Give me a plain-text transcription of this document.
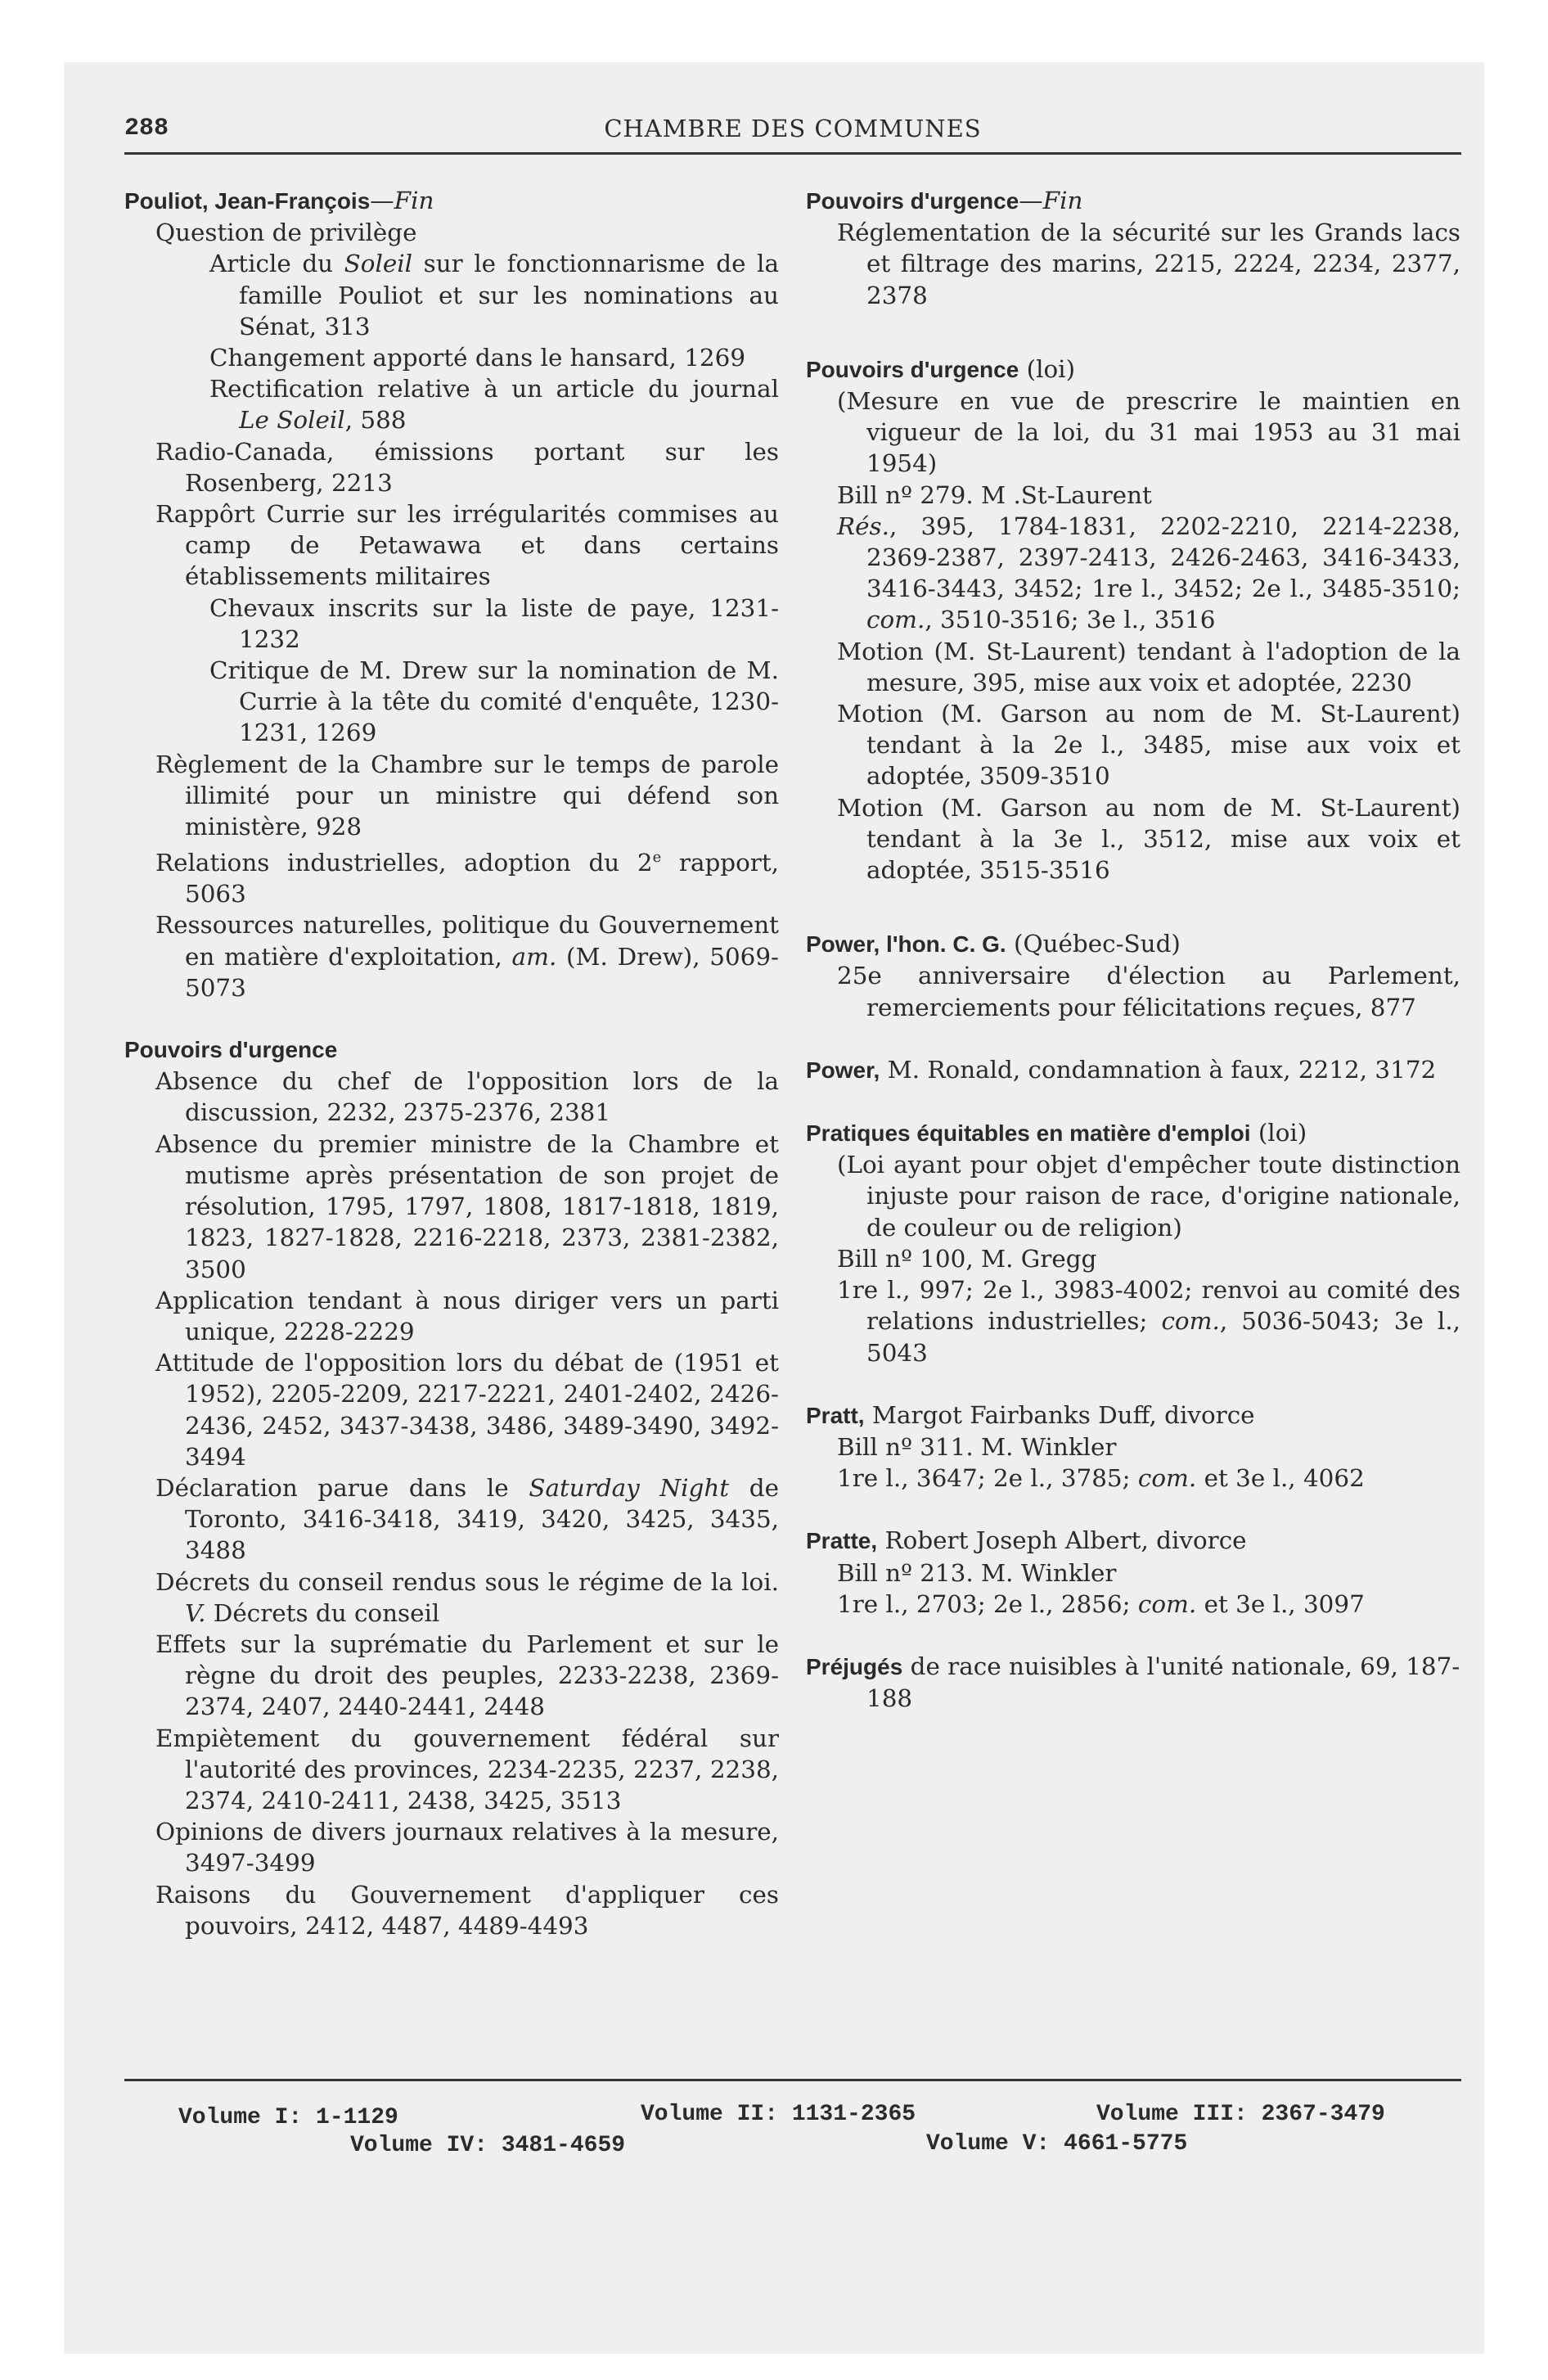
288	CHAMBRE DES COMMUNES
Pouliot, Jean-François—Fin
Question de privilège
Article du Soleil sur le fonctionnarisme de la famille Pouliot et sur les nominations au Sénat, 313
Changement apporté dans le hansard, 1269
Rectification relative à un article du journal Le Soleil, 588
Radio-Canada, émissions portant sur les Rosenberg, 2213
Rappôrt Currie sur les irrégularités commises au camp de Petawawa et dans certains établissements militaires
Chevaux inscrits sur la liste de paye, 1231-1232
Critique de M. Drew sur la nomination de M. Currie à la tête du comité d'enquête, 1230-1231, 1269
Règlement de la Chambre sur le temps de parole illimité pour un ministre qui défend son ministère, 928
Relations industrielles, adoption du 2e rapport, 5063
Ressources naturelles, politique du Gouvernement en matière d'exploitation, am. (M. Drew), 5069-5073
Pouvoirs d'urgence
Absence du chef de l'opposition lors de la discussion, 2232, 2375-2376, 2381
Absence du premier ministre de la Chambre et mutisme après présentation de son projet de résolution, 1795, 1797, 1808, 1817-1818, 1819, 1823, 1827-1828, 2216-2218, 2373, 2381-2382, 3500
Application tendant à nous diriger vers un parti unique, 2228-2229
Attitude de l'opposition lors du débat de (1951 et 1952), 2205-2209, 2217-2221, 2401-2402, 2426-2436, 2452, 3437-3438, 3486, 3489-3490, 3492-3494
Déclaration parue dans le Saturday Night de Toronto, 3416-3418, 3419, 3420, 3425, 3435, 3488
Décrets du conseil rendus sous le régime de la loi. V. Décrets du conseil
Effets sur la suprématie du Parlement et sur le règne du droit des peuples, 2233-2238, 2369-2374, 2407, 2440-2441, 2448
Empiètement du gouvernement fédéral sur l'autorité des provinces, 2234-2235, 2237, 2238, 2374, 2410-2411, 2438, 3425, 3513
Opinions de divers journaux relatives à la mesure, 3497-3499
Raisons du Gouvernement d'appliquer ces pouvoirs, 2412, 4487, 4489-4493
Pouvoirs d'urgence—Fin
Réglementation de la sécurité sur les Grands lacs et filtrage des marins, 2215, 2224, 2234, 2377, 2378
Pouvoirs d'urgence (loi)
(Mesure en vue de prescrire le maintien en vigueur de la loi, du 31 mai 1953 au 31 mai 1954)
Bill nº 279. M .St-Laurent
Rés., 395, 1784-1831, 2202-2210, 2214-2238, 2369-2387, 2397-2413, 2426-2463, 3416-3433, 3416-3443, 3452; 1re l., 3452; 2e l., 3485-3510; com., 3510-3516; 3e l., 3516
Motion (M. St-Laurent) tendant à l'adoption de la mesure, 395, mise aux voix et adoptée, 2230
Motion (M. Garson au nom de M. St-Laurent) tendant à la 2e l., 3485, mise aux voix et adoptée, 3509-3510
Motion (M. Garson au nom de M. St-Laurent) tendant à la 3e l., 3512, mise aux voix et adoptée, 3515-3516
Power, l'hon. C. G. (Québec-Sud)
25e anniversaire d'élection au Parlement, remerсiements pour félicitations reçues, 877
Power, M. Ronald, condamnation à faux, 2212, 3172
Pratiques équitables en matière d'emploi (loi)
(Loi ayant pour objet d'empêcher toute distinction injuste pour raison de race, d'origine nationale, de couleur ou de religion)
Bill nº 100, M. Gregg
1re l., 997; 2e l., 3983-4002; renvoi au comité des relations industrielles; com., 5036-5043; 3e l., 5043
Pratt, Margot Fairbanks Duff, divorce
Bill nº 311. M. Winkler
1re l., 3647; 2e l., 3785; com. et 3e l., 4062
Pratte, Robert Joseph Albert, divorce
Bill nº 213. M. Winkler
1re l., 2703; 2e l., 2856; com. et 3e l., 3097
Préjugés de race nuisibles à l'unité nationale, 69, 187-188
Volume I: 1-1129	Volume II: 1131-2365	Volume III: 2367-3479
Volume IV: 3481-4659	Volume V: 4661-5775
